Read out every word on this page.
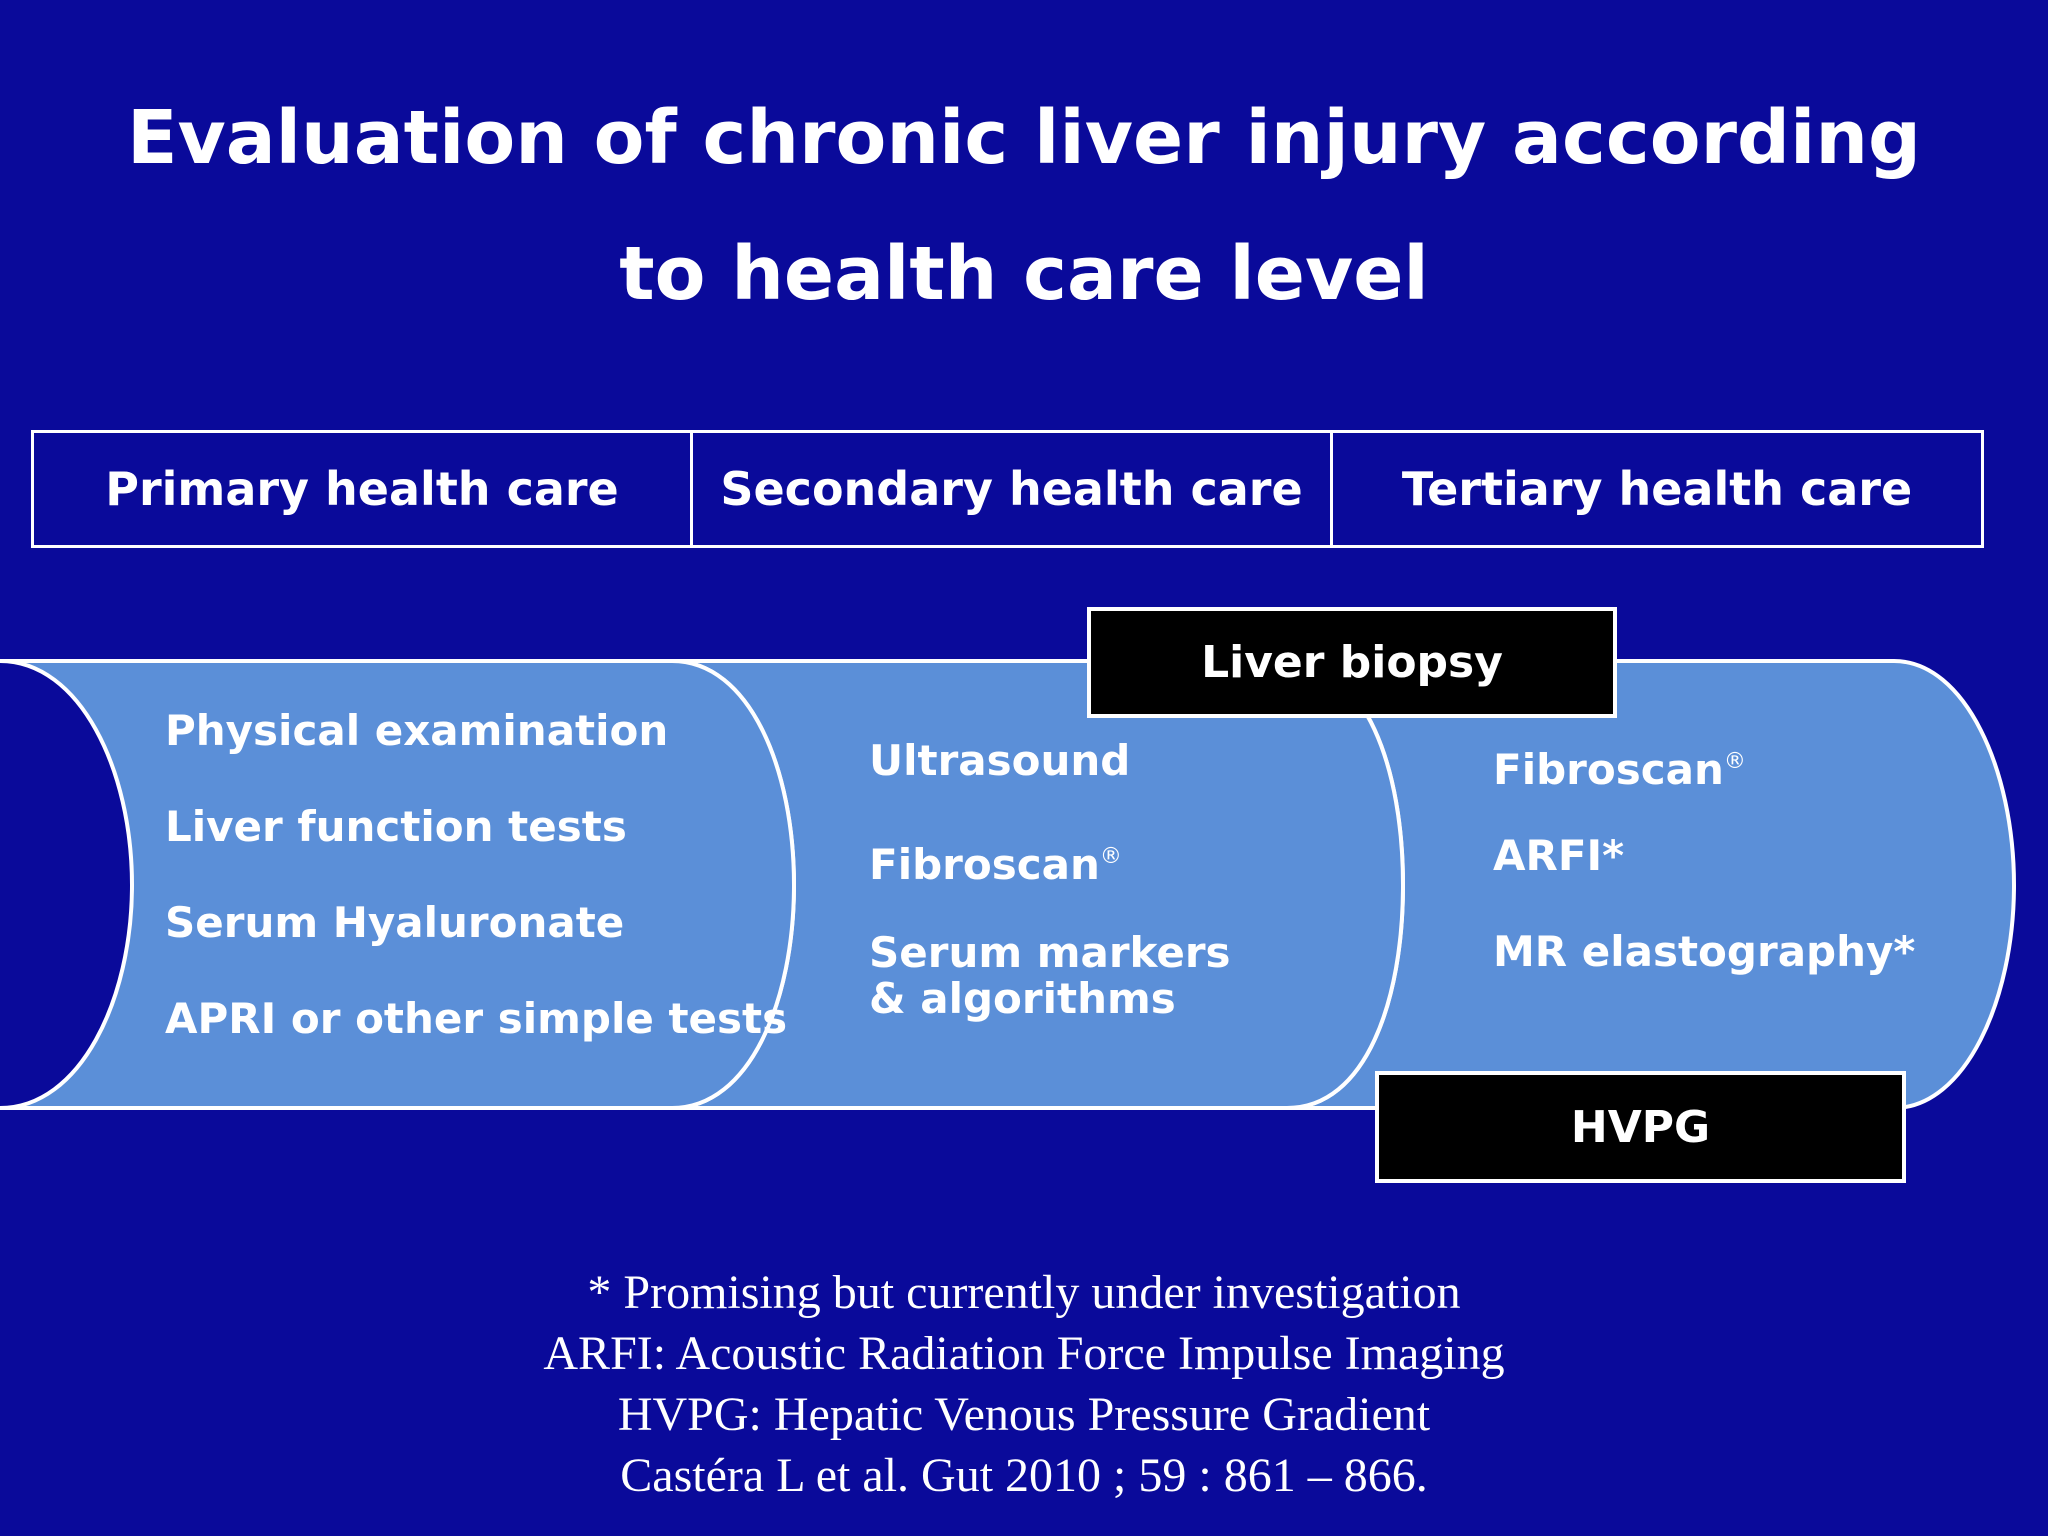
Evaluation of chronic liver injury according
to health care level
Primary health care	Secondary health care	Tertiary health care
Physical examination
Liver function tests
Serum Hyaluronate
APRI or other simple tests
Ultrasound
Fibroscan®
Serum markers & algorithms
Fibroscan®
ARFI*
MR elastography*
Liver biopsy
HVPG
* Promising but currently under investigation
ARFI: Acoustic Radiation Force Impulse Imaging
HVPG: Hepatic Venous Pressure Gradient
Castéra L et al. Gut 2010 ; 59 : 861 – 866.
